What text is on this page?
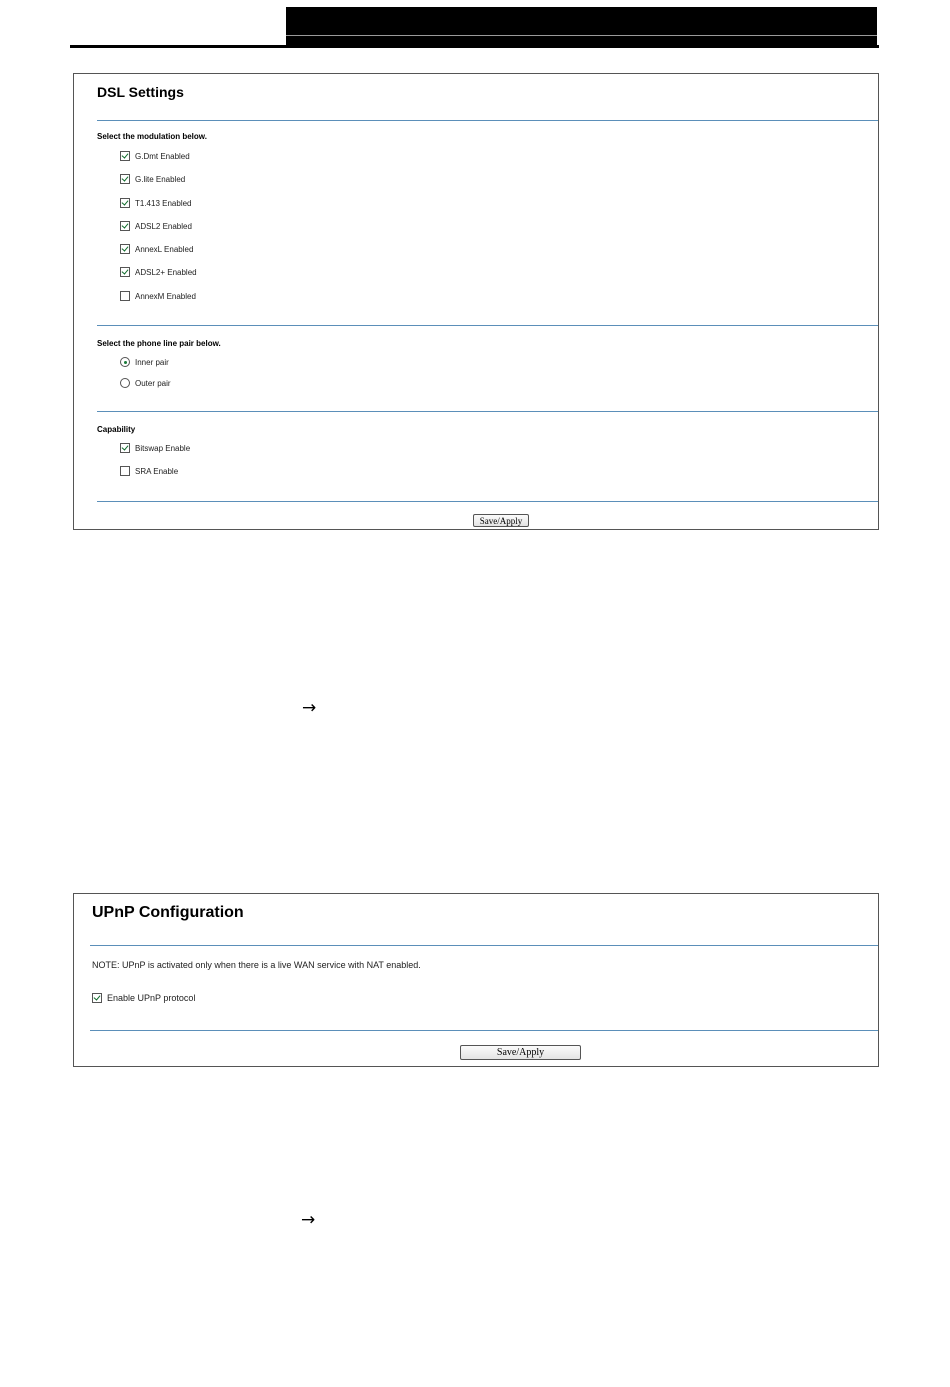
DSL Settings
Select the modulation below.
G.Dmt Enabled
G.lite Enabled
T1.413 Enabled
ADSL2 Enabled
AnnexL Enabled
ADSL2+ Enabled
AnnexM Enabled
Select the phone line pair below.
Inner pair
Outer pair
Capability
Bitswap Enable
SRA Enable
Save/Apply
→
UPnP Configuration
NOTE: UPnP is activated only when there is a live WAN service with NAT enabled.
Enable UPnP protocol
Save/Apply
→
